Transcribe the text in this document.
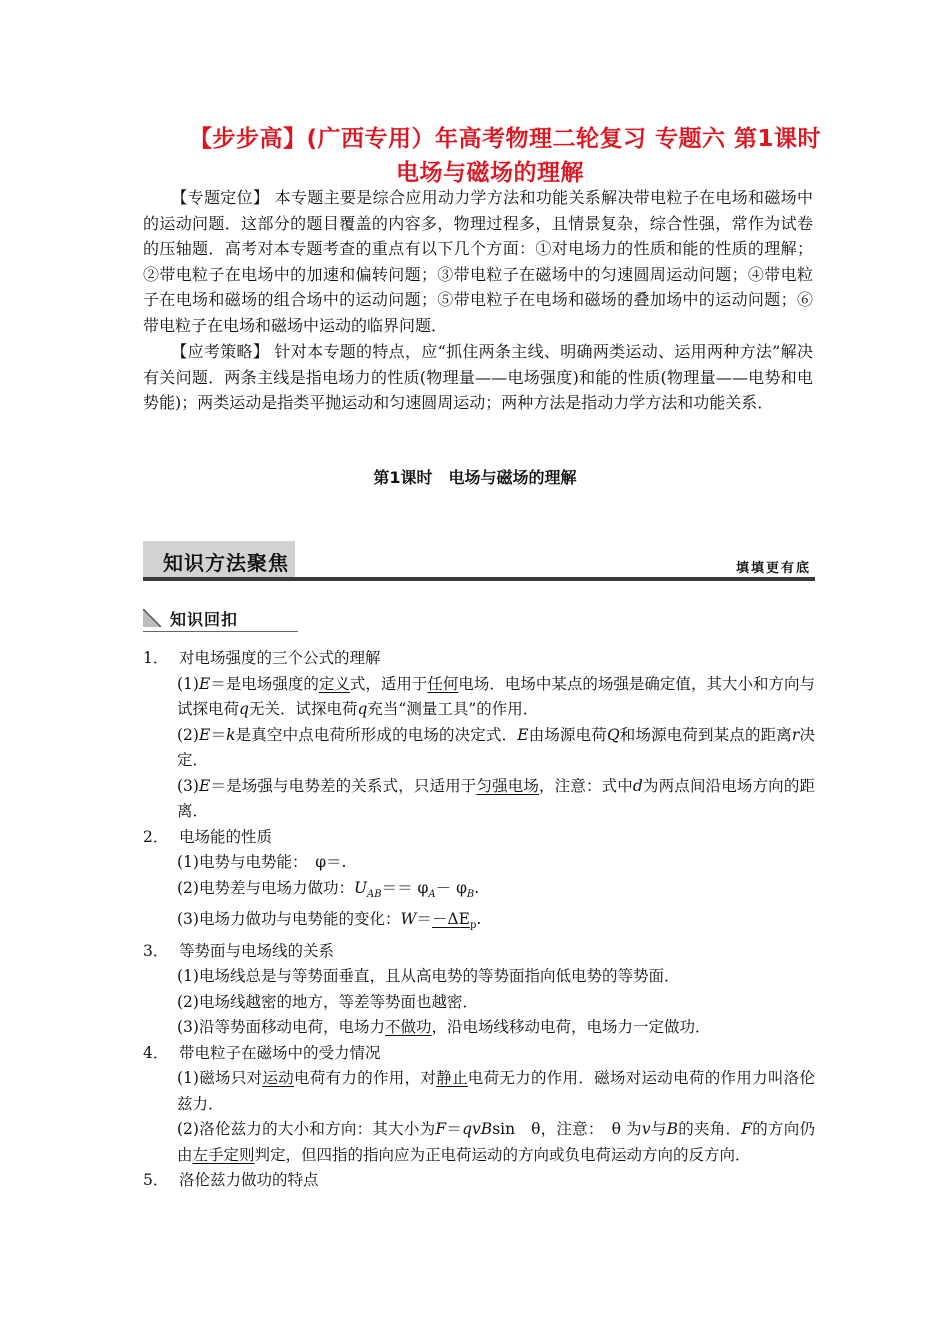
【步步高】(广西专用）年高考物理二轮复习 专题六 第1课时
电场与磁场的理解
【专题定位】 本专题主要是综合应用动力学方法和功能关系解决带电粒子在电场和磁场中的运动问题．这部分的题目覆盖的内容多，物理过程多，且情景复杂，综合性强，常作为试卷的压轴题．高考对本专题考查的重点有以下几个方面：①对电场力的性质和能的性质的理解；②带电粒子在电场中的加速和偏转问题；③带电粒子在磁场中的匀速圆周运动问题；④带电粒子在电场和磁场的组合场中的运动问题；⑤带电粒子在电场和磁场的叠加场中的运动问题；⑥带电粒子在电场和磁场中运动的临界问题．
【应考策略】 针对本专题的特点，应“抓住两条主线、明确两类运动、运用两种方法”解决有关问题．两条主线是指电场力的性质(物理量——电场强度)和能的性质(物理量——电势和电势能)；两类运动是指类平抛运动和匀速圆周运动；两种方法是指动力学方法和功能关系．
第1课时　电场与磁场的理解
知识方法聚焦	填填更有底
知识回扣
1． 对电场强度的三个公式的理解
(1)E＝是电场强度的定义式，适用于任何电场．电场中某点的场强是确定值，其大小和方向与试探电荷q无关．试探电荷q充当“测量工具”的作用．
(2)E＝k是真空中点电荷所形成的电场的决定式．E由场源电荷Q和场源电荷到某点的距离r决定．
(3)E＝是场强与电势差的关系式，只适用于匀强电场，注意：式中d为两点间沿电场方向的距离．
2． 电场能的性质
(1)电势与电势能：　φ＝.
(2)电势差与电场力做功：$U_{AB}== \varphi_A- \varphi_B$.
(3)电场力做功与电势能的变化：$W=-\Delta E_p$.
3． 等势面与电场线的关系
(1)电场线总是与等势面垂直，且从高电势的等势面指向低电势的等势面．
(2)电场线越密的地方，等差等势面也越密．
(3)沿等势面移动电荷，电场力不做功，沿电场线移动电荷，电场力一定做功．
4． 带电粒子在磁场中的受力情况
(1)磁场只对运动电荷有力的作用，对静止电荷无力的作用．磁场对运动电荷的作用力叫洛伦兹力．
(2)洛伦兹力的大小和方向：其大小为F＝qvBsin　θ，注意：　θ 为v与B的夹角．F的方向仍由左手定则判定，但四指的指向应为正电荷运动的方向或负电荷运动方向的反方向．
5． 洛伦兹力做功的特点
